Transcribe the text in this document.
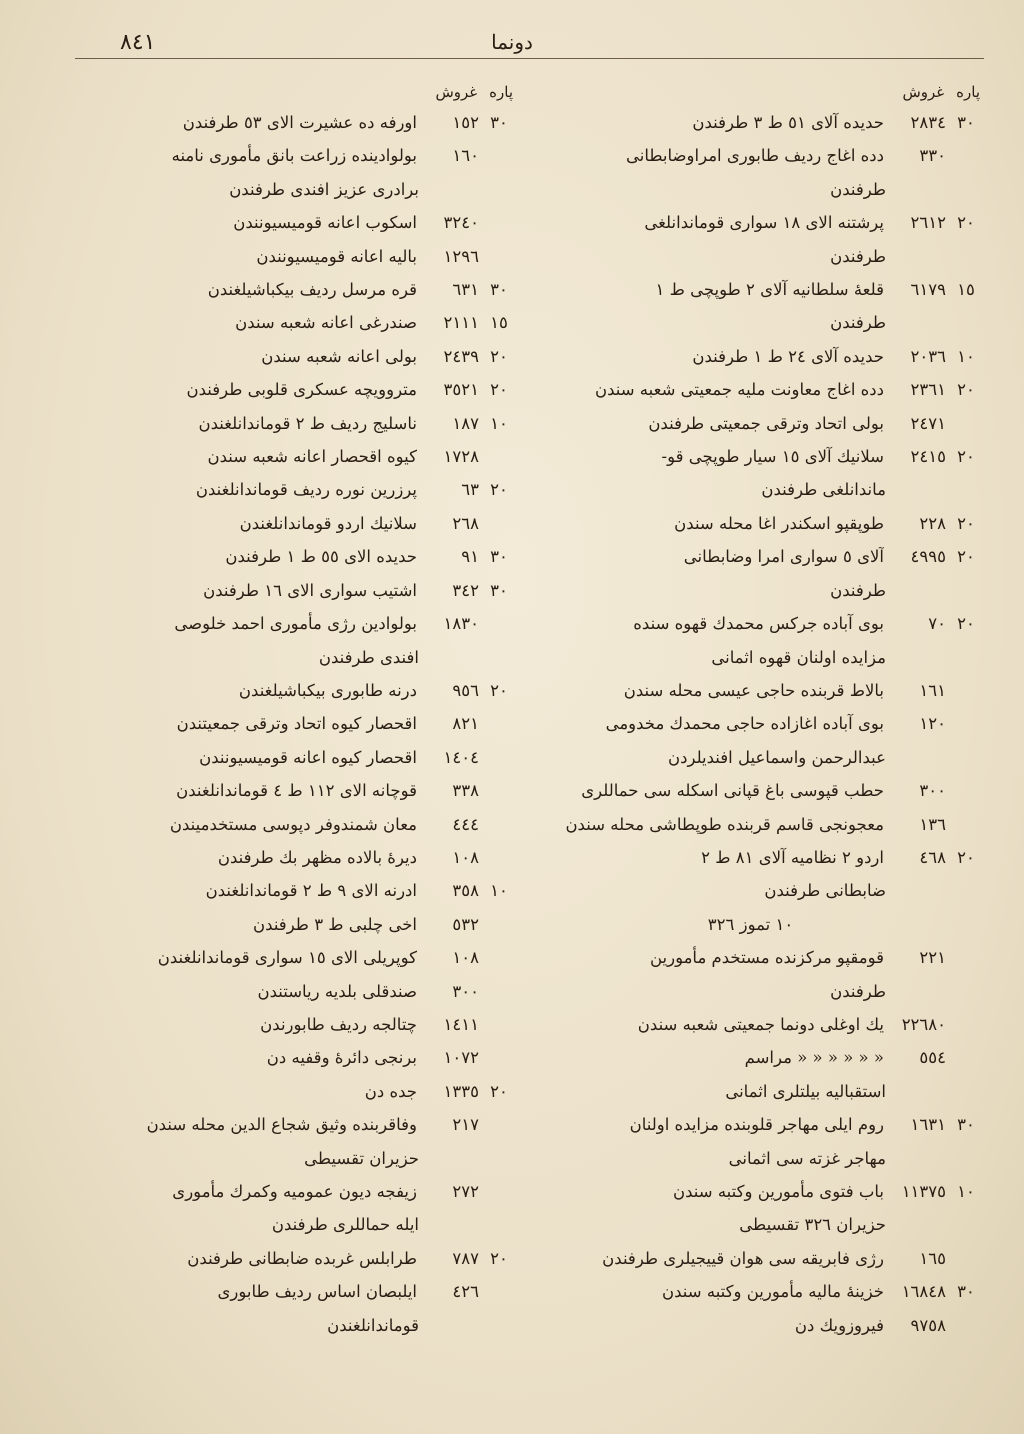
٨٤١	دونما
پاره
غروش
٣٠
٢٨٣٤
حدیده آلای ٥١ ط ٣ طرفندن
٣٣٠
دده اغاج ردیف طابوری امراوضابطانی
طرفندن
٢٠
٢٦١٢
پرشتنه الای ١٨ سواری قوماندانلغی
طرفندن
١٥
٦١٧٩
قلعهٔ سلطانیه آلای ٢ طوپچی ط ١
طرفندن
١٠
٢٠٣٦
حدیده آلای ٢٤ ط ١ طرفندن
٢٠
٢٣٦١
دده اغاج معاونت ملیه جمعیتی شعبه سندن
٢٤٧١
بولی اتحاد وترقی جمعیتی طرفندن
٢٠
٢٤١٥
سلانیك آلای ١٥ سیار طوپچی قو-
ماندانلغی طرفندن
٢٠
٢٢٨
طوپقپو اسکندر اغا محله سندن
٢٠
٤٩٩٥
آلای ٥ سواری امرا وضابطانی
طرفندن
٢٠
٧٠
بوی آباده جرکس محمدك قهوه سنده
مزایده اولنان قهوه اثمانی
١٦١
بالاط قربنده حاجی عیسی محله سندن
١٢٠
بوی آباده اغازاده حاجی محمدك مخدومی
عبدالرحمن واسماعیل افندیلردن
٣٠٠
حطب قپوسی باغ قپانی اسکله سی حماللری
١٣٦
معجونجی قاسم قربنده طوپطاشی محله سندن
٢٠
٤٦٨
اردو ٢ نظامیه آلای ٨١ ط ٢
ضابطانی طرفندن
١٠ تموز ٣٢٦
٢٢١
قومقپو مرکزنده مستخدم مأمورین
طرفندن
٢٢٦٨٠
یك اوغلی دونما جمعیتی شعبه سندن
٥٥٤
« « « « « « مراسم
استقبالیه بیلتلری اثمانی
٣٠
١٦٣١
روم ایلی مهاجر قلوبنده مزایده اولنان
مهاجر غزته سی اثمانی
١٠
١١٣٧٥
باب فتوی مأمورین وکتبه سندن
حزیران ٣٢٦ تقسیطی
١٦٥
رژی فابریقه سی هوان قییجیلری طرفندن
٣٠
١٦٨٤٨
خزینهٔ مالیه مأمورین وکتبه سندن
٩٧٥٨
فیروزویك دن
پاره
غروش
٣٠
١٥٢
اورفه ده عشیرت الای ٥٣ طرفندن
١٦٠
بولوادینده زراعت بانق مأموری نامنه
برادری عزیز افندی طرفندن
٣٢٤٠
اسکوب اعانه قومیسیونندن
١٢٩٦
بالیه اعانه قومیسیونندن
٣٠
٦٣١
قره مرسل ردیف بیکباشیلغندن
١٥
٢١١١
صندرغی اعانه شعبه سندن
٢٠
٢٤٣٩
بولی اعانه شعبه سندن
٢٠
٣٥٢١
متروویچه عسکری قلوبی طرفندن
١٠
١٨٧
ناسلیج ردیف ط ٢ قوماندانلغندن
١٧٢٨
کیوه اقحصار اعانه شعبه سندن
٢٠
٦٣
پرزرین نوره ردیف قوماندانلغندن
٢٦٨
سلانیك اردو قوماندانلغندن
٣٠
٩١
حدیده الای ٥٥ ط ١ طرفندن
٣٠
٣٤٢
اشتیب سواری الای ١٦ طرفندن
١٨٣٠
بولوادین رژی مأموری احمد خلوصی
افندی طرفندن
٢٠
٩٥٦
درنه طابوری بیکباشیلغندن
٨٢١
اقحصار کیوه اتحاد وترقی جمعیتندن
١٤٠٤
اقحصار کیوه اعانه قومیسیونندن
٣٣٨
قوچانه الای ١١٢ ط ٤ قوماندانلغندن
٤٤٤
معان شمندوفر دپوسی مستخدمیندن
١٠٨
دیرهٔ بالاده مظهر بك طرفندن
١٠
٣٥٨
ادرنه الای ٩ ط ٢ قوماندانلغندن
٥٣٢
اخی چلبی ط ٣ طرفندن
١٠٨
کوپریلی الای ١٥ سواری قوماندانلغندن
٣٠٠
صندقلی بلدیه ریاستندن
١٤١١
چتالجه ردیف طابورندن
١٠٧٢
برنجی دائرهٔ وقفیه دن
٢٠
١٣٣٥
جده دن
٢١٧
وفاقربنده وثیق شجاع الدین محله سندن
حزیران تقسیطی
٢٧٢
زیفجه دیون عمومیه وکمرك مأموری
ایله حماللری طرفندن
٢٠
٧٨٧
طرابلس غربده ضابطانی طرفندن
٤٢٦
ایلبصان اساس ردیف طابوری
قوماندانلغندن
